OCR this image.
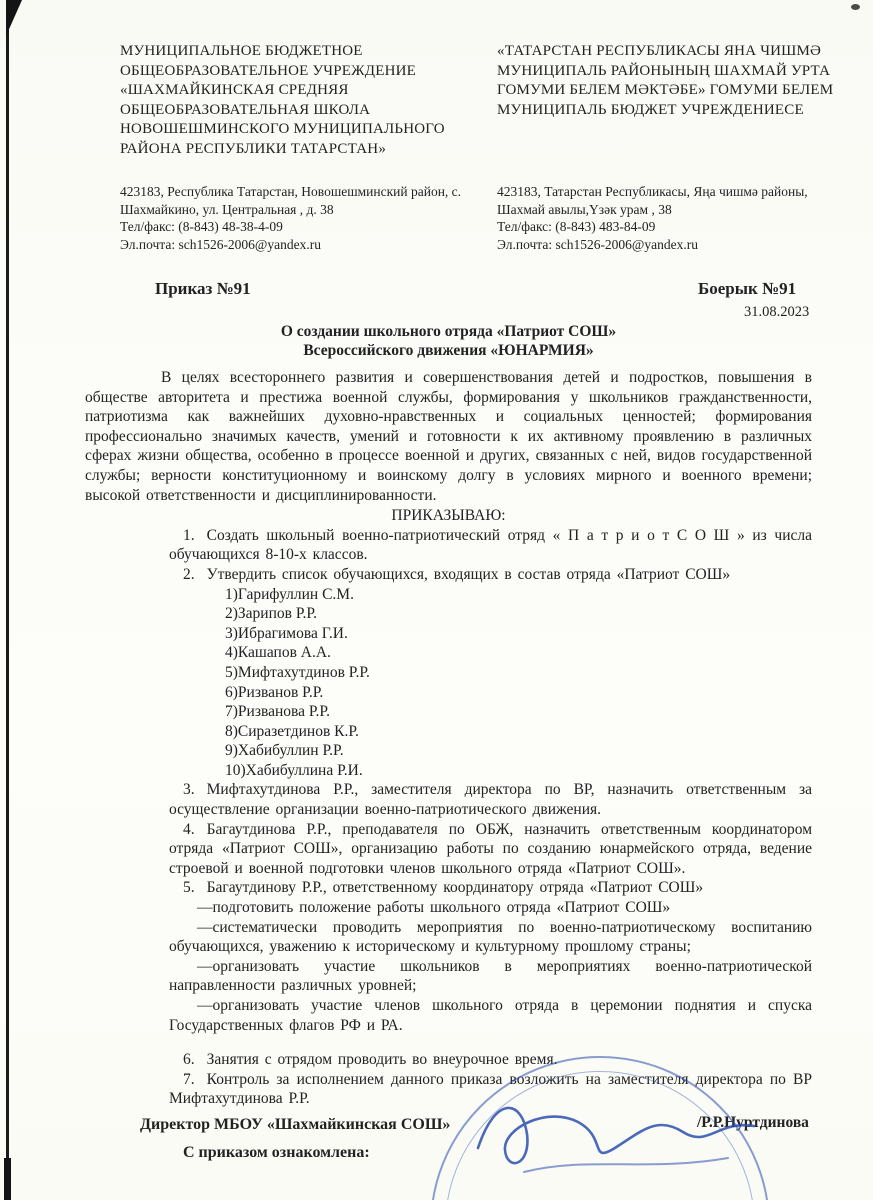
МУНИЦИПАЛЬНОЕ БЮДЖЕТНОЕ ОБЩЕОБРАЗОВАТЕЛЬНОЕ УЧРЕЖДЕНИЕ «ШАХМАЙКИНСКАЯ СРЕДНЯЯ ОБЩЕОБРАЗОВАТЕЛЬНАЯ ШКОЛА НОВОШЕШМИНСКОГО МУНИЦИПАЛЬНОГО РАЙОНА РЕСПУБЛИКИ ТАТАРСТАН»
«ТАТАРСТАН РЕСПУБЛИКАСЫ ЯНА ЧИШМӘ МУНИЦИПАЛЬ РАЙОНЫНЫҢ ШАХМАЙ УРТА ГОМУМИ БЕЛЕМ МӘКТӘБЕ» ГОМУМИ БЕЛЕМ МУНИЦИПАЛЬ БЮДЖЕТ УЧРЕЖДЕНИЕСЕ
423183, Республика Татарстан, Новошешминский район, с. Шахмайкино, ул. Центральная , д. 38
Тел/факс: (8-843) 48-38-4-09
Эл.почта: sch1526-2006@yandex.ru
423183, Татарстан Республикасы, Яңа чишмә районы, Шахмай авылы,Үзәк урам , 38
Тел/факс: (8-843) 483-84-09
Эл.почта: sch1526-2006@yandex.ru
Приказ №91	Боерык №91
31.08.2023
О создании школьного отряда «Патриот СОШ»
Всероссийского движения «ЮНАРМИЯ»

В целях всестороннего развития и совершенствования детей и подростков, повышения в обществе авторитета и престижа военной службы, формирования у школьников гражданственности, патриотизма как важнейших духовно-нравственных и социальных ценностей; формирования профессионально значимых качеств, умений и готовности к их активному проявлению в различных сферах жизни общества, особенно в процессе военной и других, связанных с ней, видов государственной службы; верности конституционному и воинскому долгу в условиях мирного и военного времени; высокой ответственности и дисциплинированности.

ПРИКАЗЫВАЮ:

1. Создать школьный военно-патриотический отряд « П а т р и о т С О Ш » из числа обучающихся 8-10-х классов.
2. Утвердить список обучающихся, входящих в состав отряда «Патриот СОШ»
1)Гарифуллин С.М.
2)Зарипов Р.Р.
3)Ибрагимова Г.И.
4)Кашапов А.А.
5)Мифтахутдинов Р.Р.
6)Ризванов Р.Р.
7)Ризванова Р.Р.
8)Сиразетдинов К.Р.
9)Хабибуллин Р.Р.
10)Хабибуллина Р.И.
3. Мифтахутдинова Р.Р., заместителя директора по ВР, назначить ответственным за осуществление организации военно-патриотического движения.
4. Багаутдинова Р.Р., преподавателя по ОБЖ, назначить ответственным координатором отряда «Патриот СОШ», организацию работы по созданию юнармейского отряда, ведение строевой и военной подготовки членов школьного отряда «Патриот СОШ».
5. Багаутдинову Р.Р., ответственному координатору отряда «Патриот СОШ»

—подготовить положение работы школьного отряда «Патриот СОШ»

—систематически проводить мероприятия по военно-патриотическому воспитанию обучающихся, уважению к историческому и культурному прошлому страны;

—организовать участие школьников в мероприятиях военно-патриотической направленности различных уровней;

—организовать участие членов школьного отряда в церемонии поднятия и спуска Государственных флагов РФ и РА.

6. Занятия с отрядом проводить во внеурочное время.
7. Контроль за исполнением данного приказа возложить на заместителя директора по ВР Мифтахутдинова Р.Р.
Директор МБОУ «Шахмайкинская СОШ»	/Р.Р.Нуртдинова
С приказом ознакомлена:
